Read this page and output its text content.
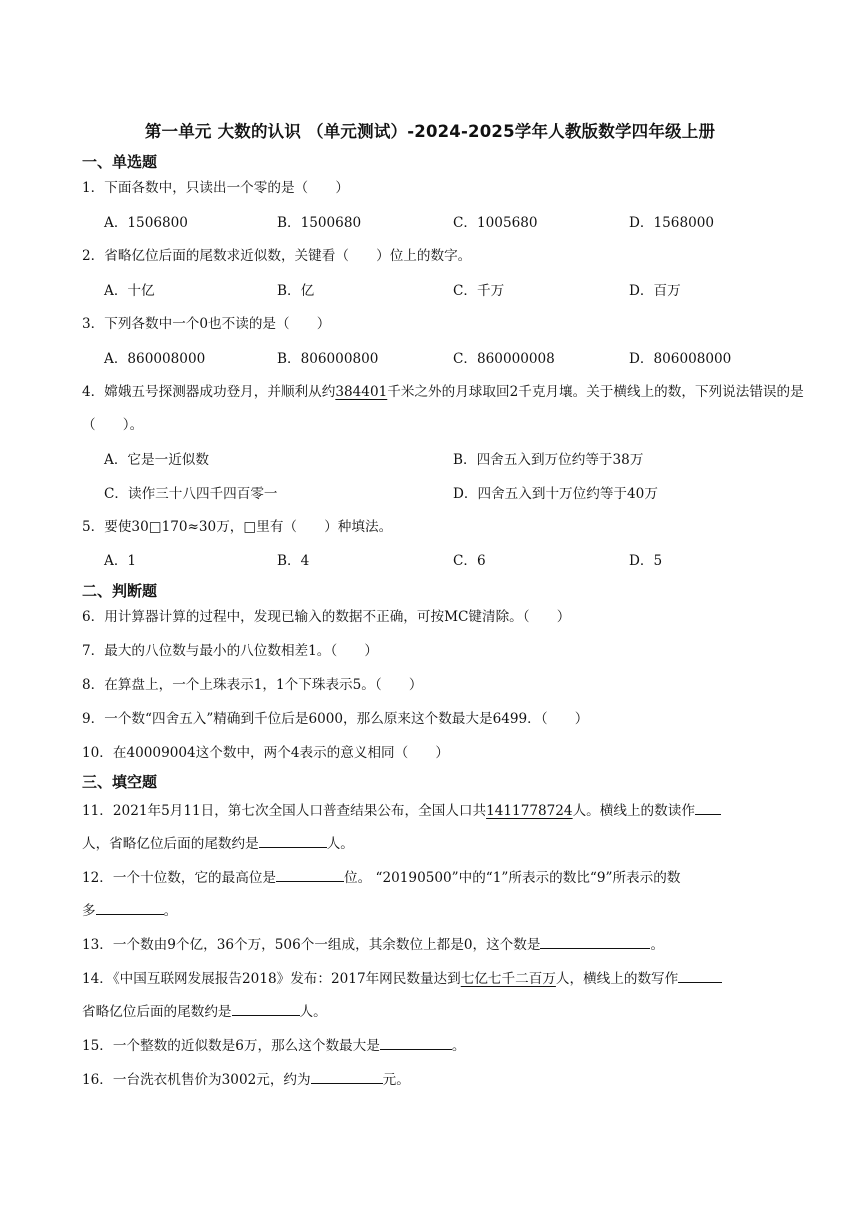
第一单元 大数的认识 （单元测试）-2024-2025学年人教版数学四年级上册
一、单选题
1．下面各数中，只读出一个零的是（　　）
A．1506800	B．1500680	C．1005680	D．1568000
2．省略亿位后面的尾数求近似数，关键看（　　）位上的数字。
A．十亿	B．亿	C．千万	D．百万
3．下列各数中一个0也不读的是（　　）
A．860008000	B．806000800	C．860000008	D．806008000
4．嫦娥五号探测器成功登月，并顺利从约384401千米之外的月球取回2千克月壤。关于横线上的数，下列说法错误的是（　　）。
A．它是一近似数	B．四舍五入到万位约等于38万
C．读作三十八四千四百零一	D．四舍五入到十万位约等于40万
5．要使30□170≈30万，□里有（　　）种填法。
A．1	B．4	C．6	D．5
二、判断题
6．用计算器计算的过程中，发现已输入的数据不正确，可按MC键清除。（　　）
7．最大的八位数与最小的八位数相差1。（　　）
8．在算盘上，一个上珠表示1，1个下珠表示5。（　　）
9．一个数“四舍五入”精确到千位后是6000，那么原来这个数最大是6499．（　　）
10．在40009004这个数中，两个4表示的意义相同（　　）
三、填空题
11．2021年5月11日，第七次全国人口普查结果公布，全国人口共1411778724人。横线上的数读作
人，省略亿位后面的尾数约是	人。
12．一个十位数，它的最高位是	位。 “20190500”中的“1”所表示的数比“9”所表示的数
多	。
13．一个数由9个亿，36个万，506个一组成，其余数位上都是0，这个数是	。
14．《中国互联网发展报告2018》发布：2017年网民数量达到七亿七千二百万人，横线上的数写作
省略亿位后面的尾数约是	人。
15．一个整数的近似数是6万，那么这个数最大是	。
16．一台洗衣机售价为3002元，约为	元。
